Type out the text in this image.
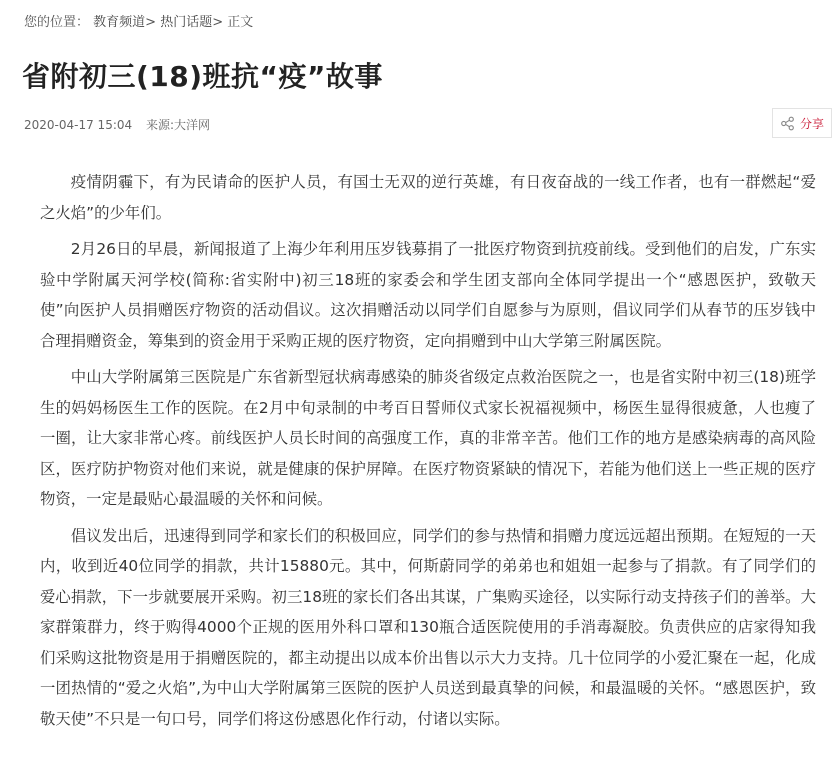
您的位置： 教育频道> 热门话题> 正文
省附初三(18)班抗“疫”故事
2020-04-17 15:04 来源:大洋网	分享

疫情阴霾下，有为民请命的医护人员，有国士无双的逆行英雄，有日夜奋战的一线工作者，也有一群燃起“爱之火焰”的少年们。

2月26日的早晨，新闻报道了上海少年利用压岁钱募捐了一批医疗物资到抗疫前线。受到他们的启发，广东实验中学附属天河学校(简称:省实附中)初三18班的家委会和学生团支部向全体同学提出一个“感恩医护，致敬天使”向医护人员捐赠医疗物资的活动倡议。这次捐赠活动以同学们自愿参与为原则，倡议同学们从春节的压岁钱中合理捐赠资金，筹集到的资金用于采购正规的医疗物资，定向捐赠到中山大学第三附属医院。

中山大学附属第三医院是广东省新型冠状病毒感染的肺炎省级定点救治医院之一，也是省实附中初三(18)班学生的妈妈杨医生工作的医院。在2月中旬录制的中考百日誓师仪式家长祝福视频中，杨医生显得很疲惫，人也瘦了一圈，让大家非常心疼。前线医护人员长时间的高强度工作，真的非常辛苦。他们工作的地方是感染病毒的高风险区，医疗防护物资对他们来说，就是健康的保护屏障。在医疗物资紧缺的情况下，若能为他们送上一些正规的医疗物资，一定是最贴心最温暖的关怀和问候。

倡议发出后，迅速得到同学和家长们的积极回应，同学们的参与热情和捐赠力度远远超出预期。在短短的一天内，收到近40位同学的捐款，共计15880元。其中，何斯蔚同学的弟弟也和姐姐一起参与了捐款。有了同学们的爱心捐款，下一步就要展开采购。初三18班的家长们各出其谋，广集购买途径，以实际行动支持孩子们的善举。大家群策群力，终于购得4000个正规的医用外科口罩和130瓶合适医院使用的手消毒凝胶。负责供应的店家得知我们采购这批物资是用于捐赠医院的，都主动提出以成本价出售以示大力支持。几十位同学的小爱汇聚在一起，化成一团热情的“爱之火焰”,为中山大学附属第三医院的医护人员送到最真挚的问候，和最温暖的关怀。“感恩医护，致敬天使”不只是一句口号，同学们将这份感恩化作行动，付诸以实际。
